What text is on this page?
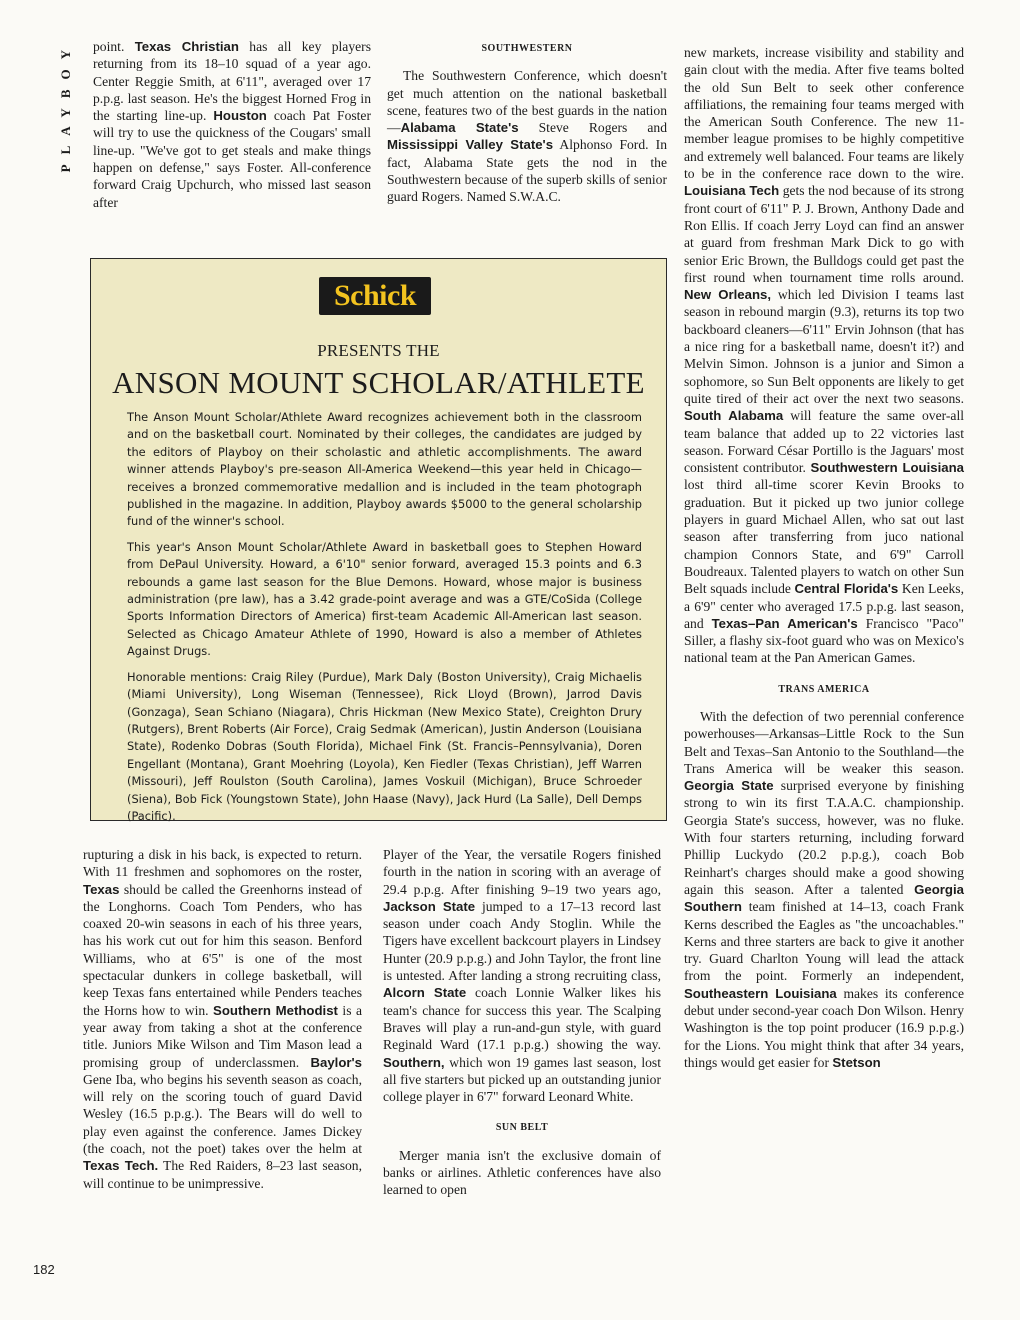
PLAYBOY	point. Texas Christian has all key players returning from its 18–10 squad of a year ago. Center Reggie Smith, at 6'11", averaged over 17 p.p.g. last season. He's the biggest Horned Frog in the starting line-up. Houston coach Pat Foster will try to use the quickness of the Cougars' small line-up. "We've got to get steals and make things happen on defense," says Foster. All-conference forward Craig Upchurch, who missed last season after

SOUTHWESTERN

The Southwestern Conference, which doesn't get much attention on the national basketball scene, features two of the best guards in the nation—Alabama State's Steve Rogers and Mississippi Valley State's Alphonso Ford. In fact, Alabama State gets the nod in the Southwestern because of the superb skills of senior guard Rogers. Named S.W.A.C.

new markets, increase visibility and stability and gain clout with the media. After five teams bolted the old Sun Belt to seek other conference affiliations, the remaining four teams merged with the American South Conference. The new 11-member league promises to be highly competitive and extremely well balanced. Four teams are likely to be in the conference race down to the wire. Louisiana Tech gets the nod because of its strong front court of 6'11" P. J. Brown, Anthony Dade and Ron Ellis. If coach Jerry Loyd can find an answer at guard from freshman Mark Dick to go with senior Eric Brown, the Bulldogs could get past the first round when tournament time rolls around. New Orleans, which led Division I teams last season in rebound margin (9.3), returns its top two backboard cleaners—6'11" Ervin Johnson (that has a nice ring for a basketball name, doesn't it?) and Melvin Simon. Johnson is a junior and Simon a sophomore, so Sun Belt opponents are likely to get quite tired of their act over the next two seasons. South Alabama will feature the same over-all team balance that added up to 22 victories last season. Forward César Portillo is the Jaguars' most consistent contributor. Southwestern Louisiana lost third all-time scorer Kevin Brooks to graduation. But it picked up two junior college players in guard Michael Allen, who sat out last season after transferring from juco national champion Connors State, and 6'9" Carroll Boudreaux. Talented players to watch on other Sun Belt squads include Central Florida's Ken Leeks, a 6'9" center who averaged 17.5 p.p.g. last season, and Texas–Pan American's Francisco "Paco" Siller, a flashy six-foot guard who was on Mexico's national team at the Pan American Games.

TRANS AMERICA

With the defection of two perennial conference powerhouses—Arkansas–Little Rock to the Sun Belt and Texas–San Antonio to the Southland—the Trans America will be weaker this season. Georgia State surprised everyone by finishing strong to win its first T.A.A.C. championship. Georgia State's success, however, was no fluke. With four starters returning, including forward Phillip Luckydo (20.2 p.p.g.), coach Bob Reinhart's charges should make a good showing again this season. After a talented Georgia Southern team finished at 14–13, coach Frank Kerns described the Eagles as "the uncoachables." Kerns and three starters are back to give it another try. Guard Charlton Young will lead the attack from the point. Formerly an independent, Southeastern Louisiana makes its conference debut under second-year coach Don Wilson. Henry Washington is the top point producer (16.9 p.p.g.) for the Lions. You might think that after 34 years, things would get easier for Stetson

Schick
PRESENTS THE
ANSON MOUNT SCHOLAR/ATHLETE

The Anson Mount Scholar/Athlete Award recognizes achievement both in the classroom and on the basketball court. Nominated by their colleges, the candidates are judged by the editors of Playboy on their scholastic and athletic accomplishments. The award winner attends Playboy's pre-season All-America Weekend—this year held in Chicago—receives a bronzed commemorative medallion and is included in the team photograph published in the magazine. In addition, Playboy awards $5000 to the general scholarship fund of the winner's school.

This year's Anson Mount Scholar/Athlete Award in basketball goes to Stephen Howard from DePaul University. Howard, a 6'10" senior forward, averaged 15.3 points and 6.3 rebounds a game last season for the Blue Demons. Howard, whose major is business administration (pre law), has a 3.42 grade-point average and was a GTE/CoSida (College Sports Information Directors of America) first-team Academic All-American last season. Selected as Chicago Amateur Athlete of 1990, Howard is also a member of Athletes Against Drugs.

Honorable mentions: Craig Riley (Purdue), Mark Daly (Boston University), Craig Michaelis (Miami University), Long Wiseman (Tennessee), Rick Lloyd (Brown), Jarrod Davis (Gonzaga), Sean Schiano (Niagara), Chris Hickman (New Mexico State), Creighton Drury (Rutgers), Brent Roberts (Air Force), Craig Sedmak (American), Justin Anderson (Louisiana State), Rodenko Dobras (South Florida), Michael Fink (St. Francis–Pennsylvania), Doren Engellant (Montana), Grant Moehring (Loyola), Ken Fiedler (Texas Christian), Jeff Warren (Missouri), Jeff Roulston (South Carolina), James Voskuil (Michigan), Bruce Schroeder (Siena), Bob Fick (Youngstown State), John Haase (Navy), Jack Hurd (La Salle), Dell Demps (Pacific).

rupturing a disk in his back, is expected to return. With 11 freshmen and sophomores on the roster, Texas should be called the Greenhorns instead of the Longhorns. Coach Tom Penders, who has coaxed 20-win seasons in each of his three years, has his work cut out for him this season. Benford Williams, who at 6'5" is one of the most spectacular dunkers in college basketball, will keep Texas fans entertained while Penders teaches the Horns how to win. Southern Methodist is a year away from taking a shot at the conference title. Juniors Mike Wilson and Tim Mason lead a promising group of underclassmen. Baylor's Gene Iba, who begins his seventh season as coach, will rely on the scoring touch of guard David Wesley (16.5 p.p.g.). The Bears will do well to play even against the conference. James Dickey (the coach, not the poet) takes over the helm at Texas Tech. The Red Raiders, 8–23 last season, will continue to be unimpressive.

Player of the Year, the versatile Rogers finished fourth in the nation in scoring with an average of 29.4 p.p.g. After finishing 9–19 two years ago, Jackson State jumped to a 17–13 record last season under coach Andy Stoglin. While the Tigers have excellent backcourt players in Lindsey Hunter (20.9 p.p.g.) and John Taylor, the front line is untested. After landing a strong recruiting class, Alcorn State coach Lonnie Walker likes his team's chance for success this year. The Scalping Braves will play a run-and-gun style, with guard Reginald Ward (17.1 p.p.g.) showing the way. Southern, which won 19 games last season, lost all five starters but picked up an outstanding junior college player in 6'7" forward Leonard White.

SUN BELT

Merger mania isn't the exclusive domain of banks or airlines. Athletic conferences have also learned to open

182
